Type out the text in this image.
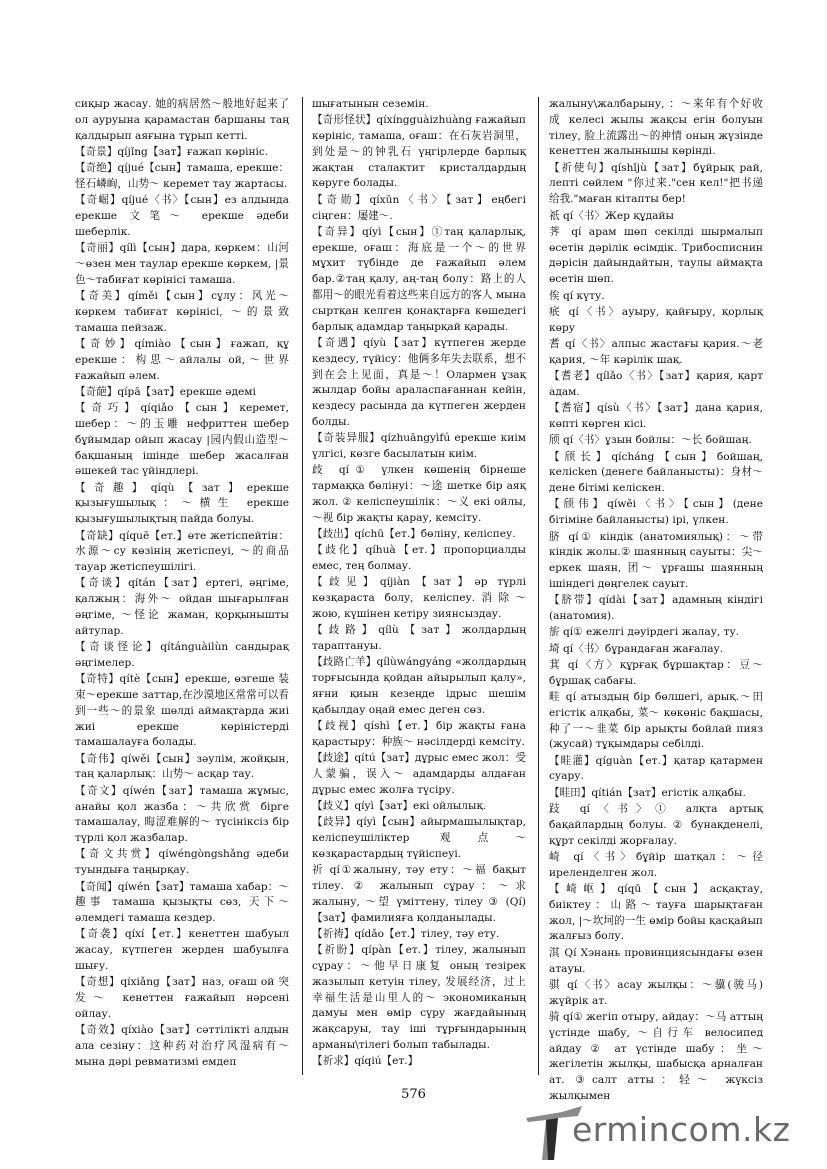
сиқыр жасау. 她的病居然～般地好起来了 ол ауруына қарамастан баршаны таң қалдырып аяғына тұрып кетті.
【奇景】qíjǐng【зат】ғажап көрініс.
【奇绝】qíjué【сын】тамаша, ерекше：怪石嶙峋，山势～ керемет тау жартасы.
【奇崛】qíjué〈书〉【сын】ез алдында ерекше 文笔～ ерекше әдеби шеберлік.
【奇丽】qílì【сын】дара, көркем：山河～өзен мен таулар ерекше көркем, |景色～табиғат көрінісі тамаша.
【奇美】qíměi【сын】сұлу：风光～ көркем табиғат көрінісі, ～的景致 тамаша пейзаж.
【奇妙】qímiào【сын】ғажап, құ ерекше：构思～айлалы ой,～世界 ғажайып әлем.
【奇葩】qípā【зат】ерекше әдемі
【奇巧】qíqiǎo【сын】керемет, шебер：～的玉雕 нефриттен шебер бұйымдар ойып жасау |园内假山造型～ бақшаның ішінде шебер жасалған әшекей тас үйіндлері.
【奇趣】qíqù【зат】ерекше қызығушылық：～横生 ерекше қызығушылықтың пайда болуы.
【奇缺】qíquē【ет.】өте жетіспейтін：水源～су көзінің жетіспеуі, ～的商品 тауар жетіспеушілігі.
【奇谈】qítán【зат】ертегі, әңгіме, қалжың：海外～ ойдан шығарылған әңгіме, ～怪论 жаман, қорқынышты айтулар.
【奇谈怪论】qítánguàilùn сандырақ әңгімелер.
【奇特】qítè【сын】ерекше, өзгеше 装束～ерекше заттар,在沙漠地区常常可以看到一些～的景象 шөлді аймақтарда жиі жиі ерекше көріністерді тамашалауға болады.
【奇伟】qíwěi【сын】зәулім, жойқын, таң қаларлық：山势～ асқар тау.
【奇文】qíwén【зат】тамаша жұмыс, анайы қол жазба：～共欣赏 бірге тамашалау, 晦涩难解的～ түсініксіз бір түрлі қол жазбалар.
【奇文共赏】qíwéngòngshǎng әдеби туындыға таңырқау.
【奇闻】qíwén【зат】тамаша хабар：～趣事 тамаша қызықты сөз, 天下～ әлемдегі тамаша кездер.
【奇袭】qíxí【ет.】кенеттен шабуыл жасау, күтпеген жерден шабуылға шығу.
【奇想】qíxiǎng【зат】наз, оғаш ой 突发～ кенеттен ғажайып нәрсені ойлау.
【奇效】qíxiào【зат】сәттілікті алдын ала сезіну：这种药对治疗风湿病有～ мына дәрі ревматизмі емдеп
шығатынын сеземін.
【奇形怪状】qíxíngguàizhuàng ғажайып көрініс, тамаша, оғаш：在石灰岩洞里，到处是～的钟乳石 үңгірлерде барлық жақтан сталактит кристалдардың көруге болады.
【奇勋】qíxūn〈书〉【зат】еңбегі сіңген：屡建～.
【奇异】qíyì【сын】①таң қаларлық, ерекше, оғаш：海底是一个～的世界 мұхит түбінде де ғажайып әлем бар.②таң қалу, аң-таң болу：路上的人都用～的眼光看着这些来自远方的客人 мына сыртқан келген қонақтарға көшедегі барлық адамдар таңырқай қарады.
【奇遇】qíyù【зат】күтпеген жерде кездесу, түйісу：他俩多年失去联系，想不到在会上见面，真是～！Олармен ұзақ жылдар бойы араласпағаннан кейін, кездесу расында да күтпеген жерден болды.
【奇装异服】qízhuāngyìfú ерекше киім үлгісі, көзге басылатын киім.
歧 qí① үлкен көшенің бірнеше тармаққа бөлінуі：～途 шетке бір аяқ жол. ② келіспеушілік：～义 екі ойлы, ～视 бір жақты қарау, кемсіту.
【歧出】qíchū【ет.】бөліну, келіспеу.
【歧化】qíhuà【ет.】пропорциалды емес, тең болмау.
【歧见】qíjiàn【зат】әр түрлі көзқараста болу, келіспеу.消除～ жою, күшінен кетіру зиянсыздау.
【歧路】qílù【зат】жолдардың тараптануы.
【歧路亡羊】qílùwángyáng «жолдардың торғысында қойдан айырылып қалу», яғни қиын кезеңде ідрыс шешім қабылдау оңай емес деген сөз.
【歧视】qíshì【ет.】бір жақты ғана қарастыру：种族～ нәсілдерді кемсіту.
【歧途】qítú【зат】дұрыс емес жол：受人蒙骗，误入～ адамдарды алдаған дұрыс емес жолға түсіру.
【歧义】qíyì【зат】екі ойлылық.
【歧异】qíyì【сын】айырмашылықтар, келіспеушіліктер 观点～ көзқарастардың түйіспеуі.
祈 qí①жалыну, тәу ету：～福 бақыт тілеу. ② жалынып сұрау：～求 жалыну, ～望 үміттену, тілеу ③ (Qí)【зат】фамилияға қолданылады.
【祈祷】qídǎo【ет.】тілеу, тәу ету.
【祈盼】qípàn【ет.】тілеу, жалынып сұрау：～他早日康复 оның тезірек жазылып кетуін тілеу, 发展经济，过上幸福生活是山里人的～ экономиканың дамуы мен өмір сүру жағдайының жақсаруы, тау іші тұрғындарының арманы\тілегі болып табылады.
【祈求】qíqiú【ет.】
жалыну\жалбарыну, ：～来年有个好收成 келесі жылы жақсы егін болуын тілеу, 脸上流露出～的神情 оның жүзінде кенеттен жалынышы көрінді.
【祈使句】qíshǐjù【зат】бұйрық рай, лепті сөйлем "你过来."сен кел!"把书递给我."маған кітапты бер!
祇 qí〈书〉Жер құдайы
荠 qí арам шөп секілді шырмалып өсетін дәрілік өсімдік. Трибосписнин дәрісін дайындайтын, таулы аймақта өсетін шөп.
俟 qí күту.
疧 qí〈书〉ауыру, қайғыру, қорлық көру
耆 qí〈书〉алпыс жастағы қария.～老 қария, ～年 кәрілік шақ.
【耆老】qílǎo〈书〉【зат】қария, қарт адам.
【耆宿】qísù〈书〉【зат】дана қария, көпті көрген кісі.
颀 qí〈书〉ұзын бойлы：～长 бойшаң.
【颀长】qícháng【сын】бойшаң, келісken (денеге байланысты)：身材～дене бітімі келіскен.
【颀伟】qíwěi〈书〉【сын】(дене бітіміне байланысты) ірі, үлкен.
脐 qí① кіндік (анатомиялық)：～带 кіндік жолы.② шаянның сауыты：尖～ еркек шаян, 团～ ұрғашы шаянның ішіндегі дөңгелек сауыт.
【脐带】qídài【зат】адамның кіндігі (анатомия).
旂 qí① ежелгі дәуірдегі жалау, ту.
埼 qí〈书〉бұрандаған жағалау.
萁 qí〈方〉құрғақ бұршақтар：豆～ бұршақ сабағы.
畦 qí атыздың бір бөлшегі, арық.～田 егістік алқабы, 菜～ көкөніс бақшасы, 种了一～韭菜 бір арықты бойлай пияз (жусай) тұқымдары себілді.
【畦灌】qíguàn【ет.】қатар қатармен суару.
【畦田】qítián【зат】егістік алқабы.
跂 qí〈书〉① алқта артық бақайлардың болуы. ② бунақденелі, құрт секілді жорғалау.
崎 qí〈书〉бұйір шатқал：～径 иреленделген жол.
【崎岖】qíqū【сын】асқақтау, биіктеу：山路～тауға шарықтаған жол, |～坎坷的一生 өмір бойы қасқайып жалғыз болу.
淇 Qí Хэнань провинциясындағы өзен атауы.
骐 qí〈书〉асау жылқы：～骥(骏马) жүйрік ат.
骑 qí① жегіп отыру, айдау：～马 аттың үстінде шабу, ～自行车 велосипед айдау ② ат үстінде шабу：坐～ жегілетін жылқы, шабысқа арналған ат. ③салт атты：轻～ жүксіз жылқымен
576
ermincom.kz
